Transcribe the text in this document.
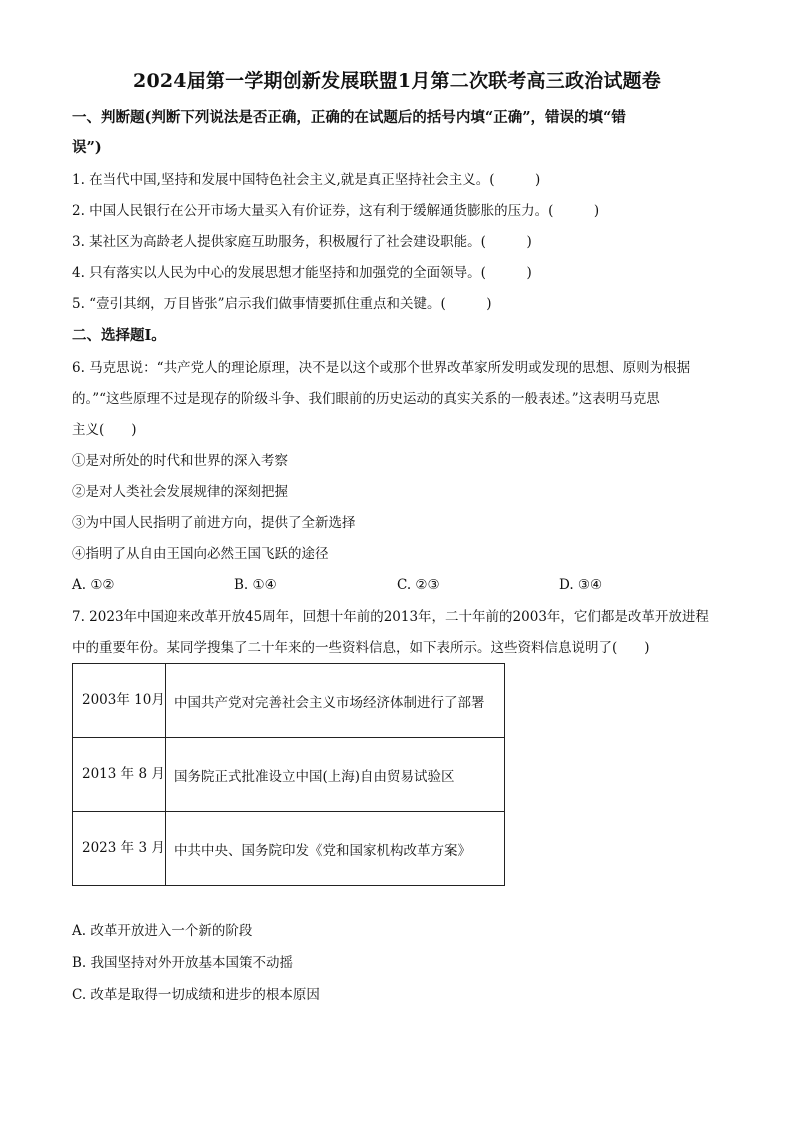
2024届第一学期创新发展联盟1月第二次联考高三政治试题卷
一、判断题(判断下列说法是否正确，正确的在试题后的括号内填“正确”，错误的填“错
误”)
1. 在当代中国,坚持和发展中国特色社会主义,就是真正坚持社会主义。(　　　)
2. 中国人民银行在公开市场大量买入有价证券，这有利于缓解通货膨胀的压力。(　　　)
3. 某社区为高龄老人提供家庭互助服务，积极履行了社会建设职能。(　　　)
4. 只有落实以人民为中心的发展思想才能坚持和加强党的全面领导。(　　　)
5. “壹引其纲，万目皆张”启示我们做事情要抓住重点和关键。(　　　)
二、选择题Ⅰ。
6. 马克思说：“共产党人的理论原理，决不是以这个或那个世界改革家所发明或发现的思想、原则为根据
的。”“这些原理不过是现存的阶级斗争、我们眼前的历史运动的真实关系的一般表述。”这表明马克思
主义(　　)
①是对所处的时代和世界的深入考察
②是对人类社会发展规律的深刻把握
③为中国人民指明了前进方向，提供了全新选择
④指明了从自由王国向必然王国飞跃的途径
A. ①②	B. ①④	C. ②③	D. ③④
7. 2023年中国迎来改革开放45周年，回想十年前的2013年，二十年前的2003年，它们都是改革开放进程
中的重要年份。某同学搜集了二十年来的一些资料信息，如下表所示。这些资料信息说明了(　　)
2003年 10月	中国共产党对完善社会主义市场经济体制进行了部署
2013 年 8 月	国务院正式批准设立中国(上海)自由贸易试验区
2023 年 3 月	中共中央、国务院印发《党和国家机构改革方案》
A. 改革开放进入一个新的阶段
B. 我国坚持对外开放基本国策不动摇
C. 改革是取得一切成绩和进步的根本原因
